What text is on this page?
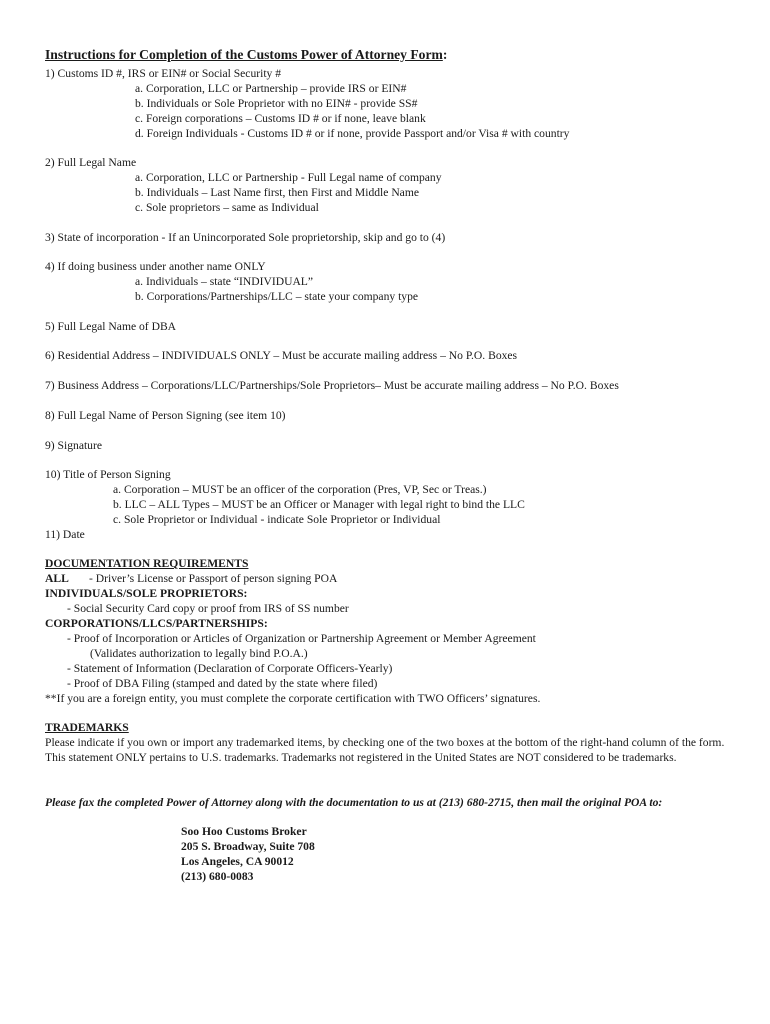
Instructions for Completion of the Customs Power of Attorney Form:
1) Customs ID #, IRS or EIN# or Social Security #
a. Corporation, LLC or Partnership – provide IRS or EIN#
b. Individuals or Sole Proprietor with no EIN# - provide SS#
c. Foreign corporations – Customs ID # or if none, leave blank
d. Foreign Individuals - Customs ID # or if none, provide Passport and/or Visa # with country
2) Full Legal Name
a. Corporation, LLC or Partnership - Full Legal name of company
b. Individuals – Last Name first, then First and Middle Name
c. Sole proprietors – same as Individual
3) State of incorporation - If an Unincorporated Sole proprietorship, skip and go to (4)
4) If doing business under another name ONLY
a. Individuals – state “INDIVIDUAL”
b. Corporations/Partnerships/LLC – state your company type
5) Full Legal Name of DBA
6) Residential Address – INDIVIDUALS ONLY – Must be accurate mailing address – No P.O. Boxes
7) Business Address – Corporations/LLC/Partnerships/Sole Proprietors– Must be accurate mailing address – No P.O. Boxes
8) Full Legal Name of Person Signing (see item 10)
9) Signature
10) Title of Person Signing
a. Corporation – MUST be an officer of the corporation (Pres, VP, Sec or Treas.)
b. LLC – ALL Types – MUST be an Officer or Manager with legal right to bind the LLC
c. Sole Proprietor or Individual - indicate Sole Proprietor or Individual
11) Date
DOCUMENTATION REQUIREMENTS
ALL - Driver’s License or Passport of person signing POA
INDIVIDUALS/SOLE PROPRIETORS:
- Social Security Card copy or proof from IRS of SS number
CORPORATIONS/LLCS/PARTNERSHIPS:
- Proof of Incorporation or Articles of Organization or Partnership Agreement or Member Agreement
(Validates authorization to legally bind P.O.A.)
- Statement of Information (Declaration of Corporate Officers-Yearly)
- Proof of DBA Filing (stamped and dated by the state where filed)
**If you are a foreign entity, you must complete the corporate certification with TWO Officers’ signatures.
TRADEMARKS
Please indicate if you own or import any trademarked items, by checking one of the two boxes at the bottom of the right-hand column of the form. This statement ONLY pertains to U.S. trademarks. Trademarks not registered in the United States are NOT considered to be trademarks.
Please fax the completed Power of Attorney along with the documentation to us at (213) 680-2715, then mail the original POA to:
Soo Hoo Customs Broker
205 S. Broadway, Suite 708
Los Angeles, CA 90012
(213) 680-0083
